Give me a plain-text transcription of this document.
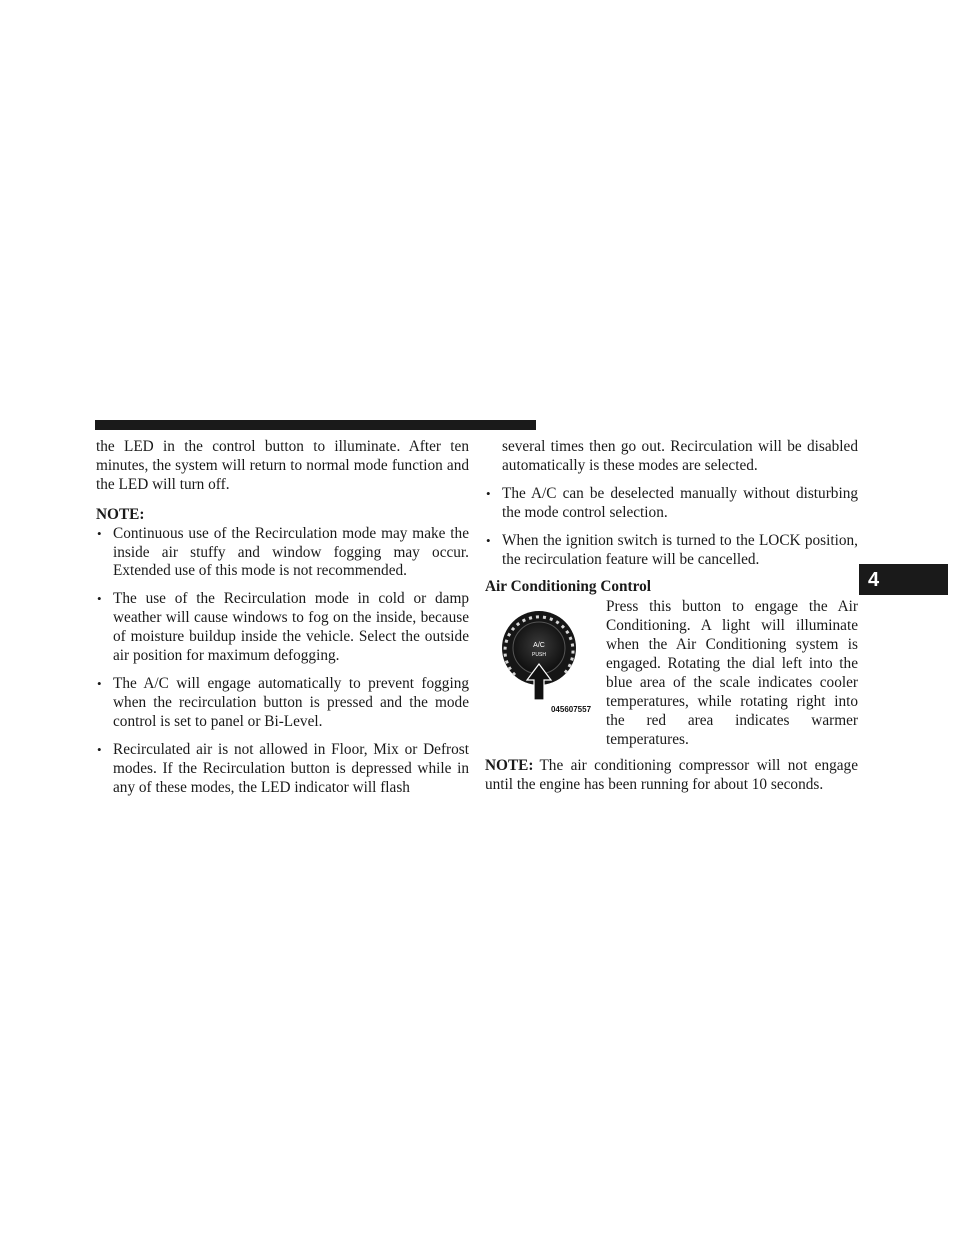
the LED in the control button to illuminate. After ten minutes, the system will return to normal mode function and the LED will turn off.

NOTE:

• Continuous use of the Recirculation mode may make the inside air stuffy and window fogging may occur. Extended use of this mode is not recommended.
• The use of the Recirculation mode in cold or damp weather will cause windows to fog on the inside, because of moisture buildup inside the vehicle. Select the outside air position for maximum defogging.
• The A/C will engage automatically to prevent fogging when the recirculation button is pressed and the mode control is set to panel or Bi-Level.
• Recirculated air is not allowed in Floor, Mix or Defrost modes. If the Recirculation button is depressed while in any of these modes, the LED indicator will flash

several times then go out. Recirculation will be disabled automatically is these modes are selected.

• The A/C can be deselected manually without disturbing the mode control selection.
• When the ignition switch is turned to the LOCK position, the recirculation feature will be cancelled.

Air Conditioning Control

A/C
PUSH
045607557

Press this button to engage the Air Conditioning. A light will illuminate when the Air Conditioning system is engaged. Rotating the dial left into the blue area of the scale indicates cooler temperatures, while rotating right into the red area indicates warmer temperatures.

NOTE: The air conditioning compressor will not engage until the engine has been running for about 10 seconds.

4
